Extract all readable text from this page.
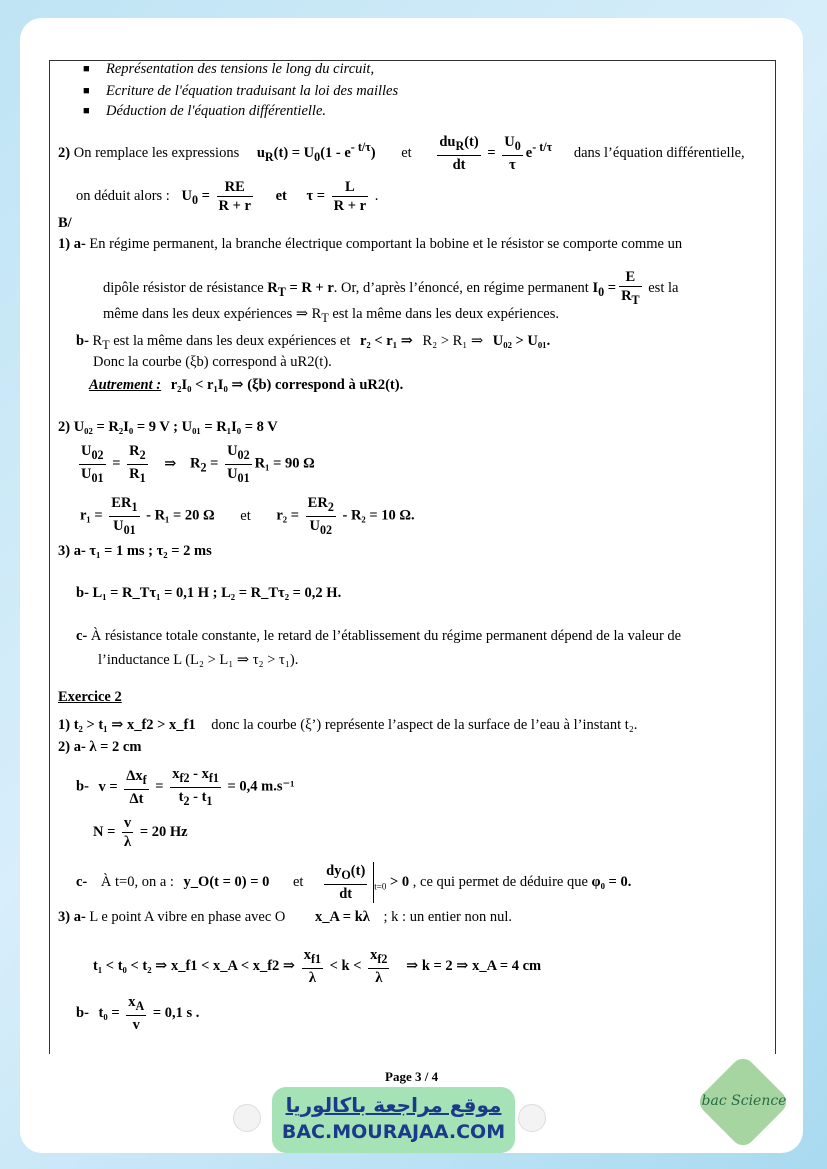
■ Représentation des tensions le long du circuit,
■ Ecriture de l'équation traduisant la loi des mailles
■ Déduction de l'équation différentielle.
2) On remplace les expressions $u_R(t) = U_0(1 - e^{- t/\tau})$ et $\frac{du_R(t)}{dt} = \frac{U_0}{\tau} e^{- t/\tau}$ dans l’équation différentielle,
on déduit alors : $U_0 = \frac{RE}{R + r}$ et $\tau = \frac{L}{R + r}$ .
B/
1) a- En régime permanent, la branche électrique comportant la bobine et le résistor se comporte comme un
dipôle résistor de résistance $R_T = R + r$. Or, d’après l’énoncé, en régime permanent $I_0 = \frac{E}{R_T}$ est la
même dans les deux expériences ⇒ $R_T$ est la même dans les deux expériences.
b- $R_T$ est la même dans les deux expériences et r₂ < r₁ ⇒ R₂ > R₁ ⇒ U₀₂ > U₀₁.
Donc la courbe (ξb) correspond à uR2(t).
Autrement : r₂I₀ < r₁I₀ ⇒ (ξb) correspond à uR2(t).
2) U₀₂ = R₂I₀ = 9 V ; U₀₁ = R₁I₀ = 8 V
$\frac{U_{02}}{U_{01}} = \frac{R_2}{R_1}$ ⇒ $R_2 = \frac{U_{02}}{U_{01}} R_1 = 90$ Ω
$r_1 = \frac{ER_1}{U_{01}} - R_1 = 20$ Ω et $r_2 = \frac{ER_2}{U_{02}} - R_2 = 10$ Ω.
3) a- τ₁ = 1 ms ; τ₂ = 2 ms
b- L₁ = R_Tτ₁ = 0,1 H ; L₂ = R_Tτ₂ = 0,2 H.
c- À résistance totale constante, le retard de l’établissement du régime permanent dépend de la valeur de
l’inductance L (L₂ > L₁ ⇒ τ₂ > τ₁).
Exercice 2
1) t₂ > t₁ ⇒ x_f2 > x_f1 donc la courbe (ξ’) représente l’aspect de la surface de l’eau à l’instant t₂.
2) a- λ = 2 cm
b- $v = \frac{\Delta x_f}{\Delta t} = \frac{x_{f2} - x_{f1}}{t_2 - t_1} = 0,4$ m.s⁻¹
$N = \frac{v}{\lambda} = 20$ Hz
c- À t=0, on a : y_O(t = 0) = 0 et $\frac{dy_O(t)}{dt} _{t=0} > 0$ , ce qui permet de déduire que φ₀ = 0.
3) a- L e point A vibre en phase avec O x_A = kλ ; k : un entier non nul.
t₁ < t₀ < t₂ ⇒ x_f1 < x_A < x_f2 ⇒ $\frac{x_{f1}}{\lambda} < k < \frac{x_{f2}}{\lambda}$ ⇒ k = 2 ⇒ x_A = 4 cm
b- $t_0 = \frac{x_A}{v} = 0,1$ s .
Page 3 / 4
موقع مراجعة باكالوريا
BAC.MOURAJAA.COM
bac Science
